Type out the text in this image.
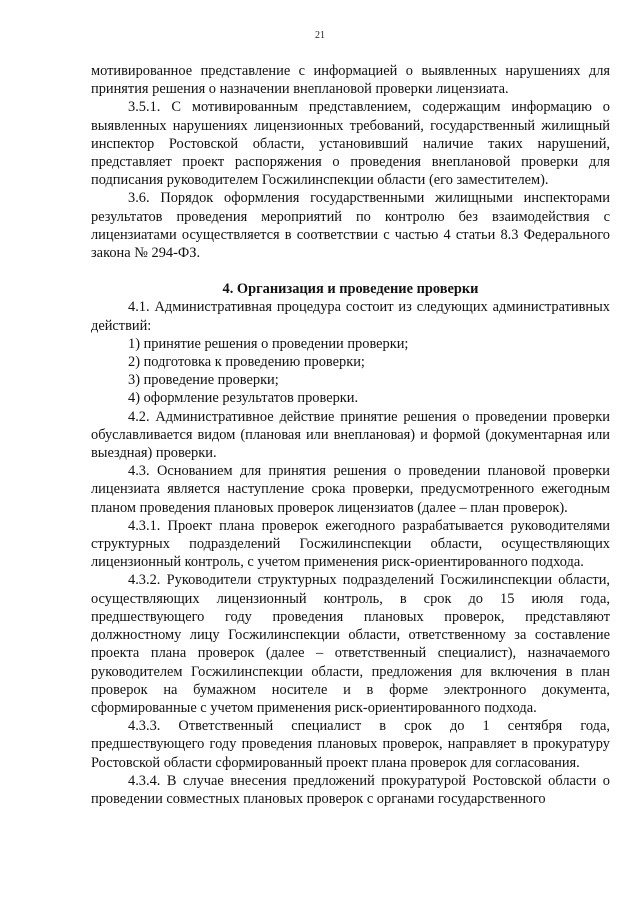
21

мотивированное представление с информацией о выявленных нарушениях для принятия решения о назначении внеплановой проверки лицензиата.

3.5.1. С мотивированным представлением, содержащим информацию о выявленных нарушениях лицензионных требований, государственный жилищный инспектор Ростовской области, установивший наличие таких нарушений, представляет проект распоряжения о проведения внеплановой проверки для подписания руководителем Госжилинспекции области (его заместителем).

3.6. Порядок оформления государственными жилищными инспекторами результатов проведения мероприятий по контролю без взаимодействия с лицензиатами осуществляется в соответствии с частью 4 статьи 8.3 Федерального закона № 294-ФЗ.

4. Организация и проведение проверки

4.1. Административная процедура состоит из следующих административных действий:

1) принятие решения о проведении проверки;

2) подготовка к проведению проверки;

3) проведение проверки;

4) оформление результатов проверки.

4.2. Административное действие принятие решения о проведении проверки обуславливается видом (плановая или внеплановая) и формой (документарная или выездная) проверки.

4.3. Основанием для принятия решения о проведении плановой проверки лицензиата является наступление срока проверки, предусмотренного ежегодным планом проведения плановых проверок лицензиатов (далее – план проверок).

4.3.1. Проект плана проверок ежегодного разрабатывается руководителями структурных подразделений Госжилинспекции области, осуществляющих лицензионный контроль, с учетом применения риск-ориентированного подхода.

4.3.2. Руководители структурных подразделений Госжилинспекции области, осуществляющих лицензионный контроль, в срок до 15 июля года, предшествующего году проведения плановых проверок, представляют должностному лицу Госжилинспекции области, ответственному за составление проекта плана проверок (далее – ответственный специалист), назначаемого руководителем Госжилинспекции области, предложения для включения в план проверок на бумажном носителе и в форме электронного документа, сформированные с учетом применения риск-ориентированного подхода.

4.3.3. Ответственный специалист в срок до 1 сентября года, предшествующего году проведения плановых проверок, направляет в прокуратуру Ростовской области сформированный проект плана проверок для согласования.

4.3.4. В случае внесения предложений прокуратурой Ростовской области о проведении совместных плановых проверок с органами государственного
